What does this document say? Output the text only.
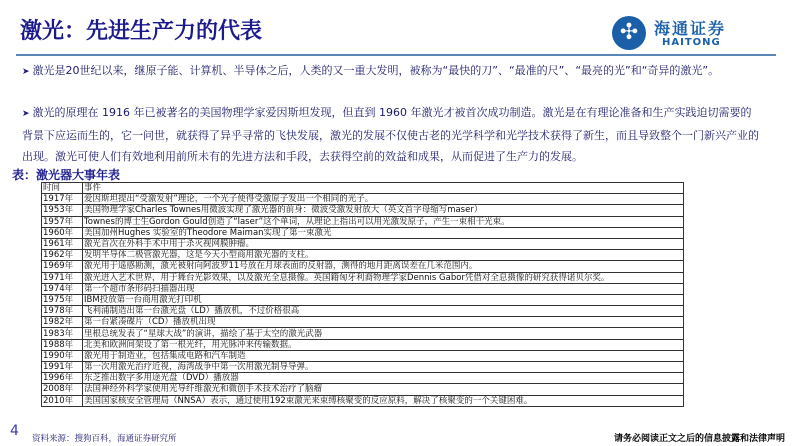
激光：先进生产力的代表	✣ 海通证券
HAITONG
➤ 激光是20世纪以来，继原子能、计算机、半导体之后，人类的又一重大发明，被称为“最快的刀”、“最准的尺”、“最亮的光”和“奇异的激光”。
➤ 激光的原理在 1916 年已被著名的美国物理学家爱因斯坦发现，但直到 1960 年激光才被首次成功制造。激光是在有理论准备和生产实践迫切需要的背景下应运而生的，它一问世，就获得了异乎寻常的飞快发展，激光的发展不仅使古老的光学科学和光学技术获得了新生，而且导致整个一门新兴产业的出现。激光可使人们有效地利用前所未有的先进方法和手段，去获得空前的效益和成果，从而促进了生产力的发展。
表：激光器大事年表
时间	事件
1917年	爱因斯坦提出“受激发射”理论，一个光子使得受激原子发出一个相同的光子。
1953年	美国物理学家Charles Townes用微波实现了激光器的前身：微波受激发射放大（英文首字母缩写maser）
1957年	Townes的博士生Gordon Gould创造了“laser”这个单词，从理论上指出可以用光激发原子，产生一束相干光束。
1960年	美国加州Hughes 实验室的Theodore Maiman实现了第一束激光
1961年	激光首次在外科手术中用于杀灭视网膜肿瘤。
1962年	发明半导体二极管激光器，这是今天小型商用激光器的支柱。
1969年	激光用于遥感勘测，激光被射向阿波罗11号放在月球表面的反射器，测得的地月距离误差在几米范围内。
1971年	激光进入艺术世界，用于舞台光影效果，以及激光全息摄像。英国籍匈牙利裔物理学家Dennis Gabor凭借对全息摄像的研究获得诺贝尔奖。
1974年	第一个超市条形码扫描器出现
1975年	IBM投放第一台商用激光打印机
1978年	飞利浦制造出第一台激光盘（LD）播放机，不过价格很高
1982年	第一台紧凑碟片（CD）播放机出现
1983年	里根总统发表了“星球大战”的演讲，描绘了基于太空的激光武器
1988年	北美和欧洲间架设了第一根光纤，用光脉冲来传输数据。
1990年	激光用于制造业，包括集成电路和汽车制造
1991年	第一次用激光治疗近视，海湾战争中第一次用激光制导导弹。
1996年	东芝推出数字多用途光盘（DVD）播放器
2008年	法国神经外科学家使用光导纤维激光和微创手术技术治疗了脑瘤
2010年	美国国家核安全管理局（NNSA）表示，通过使用192束激光来束缚核聚变的反应原料，解决了核聚变的一个关键困难。
4 资料来源：搜狗百科，海通证券研究所	请务必阅读正文之后的信息披露和法律声明
